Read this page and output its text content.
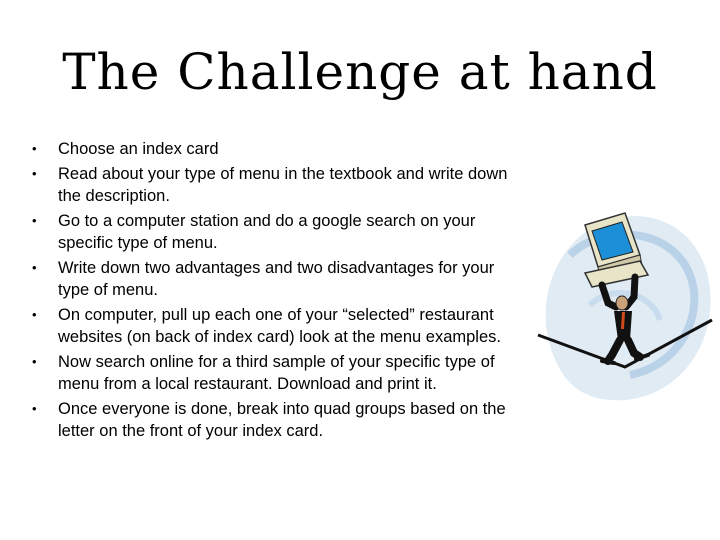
The Challenge at hand
• Choose an index card
• Read about your type of menu in the textbook and write down the description.
• Go to a computer station and do a google search on your specific type of menu.
• Write down two advantages and two disadvantages for your type of menu.
• On computer, pull up each one of your “selected” restaurant websites (on back of index card) look at the menu examples.
• Now search online for a third sample of your specific type of menu from a local restaurant. Download and print it.
• Once everyone is done, break into quad groups based on the letter on the front of your index card.
